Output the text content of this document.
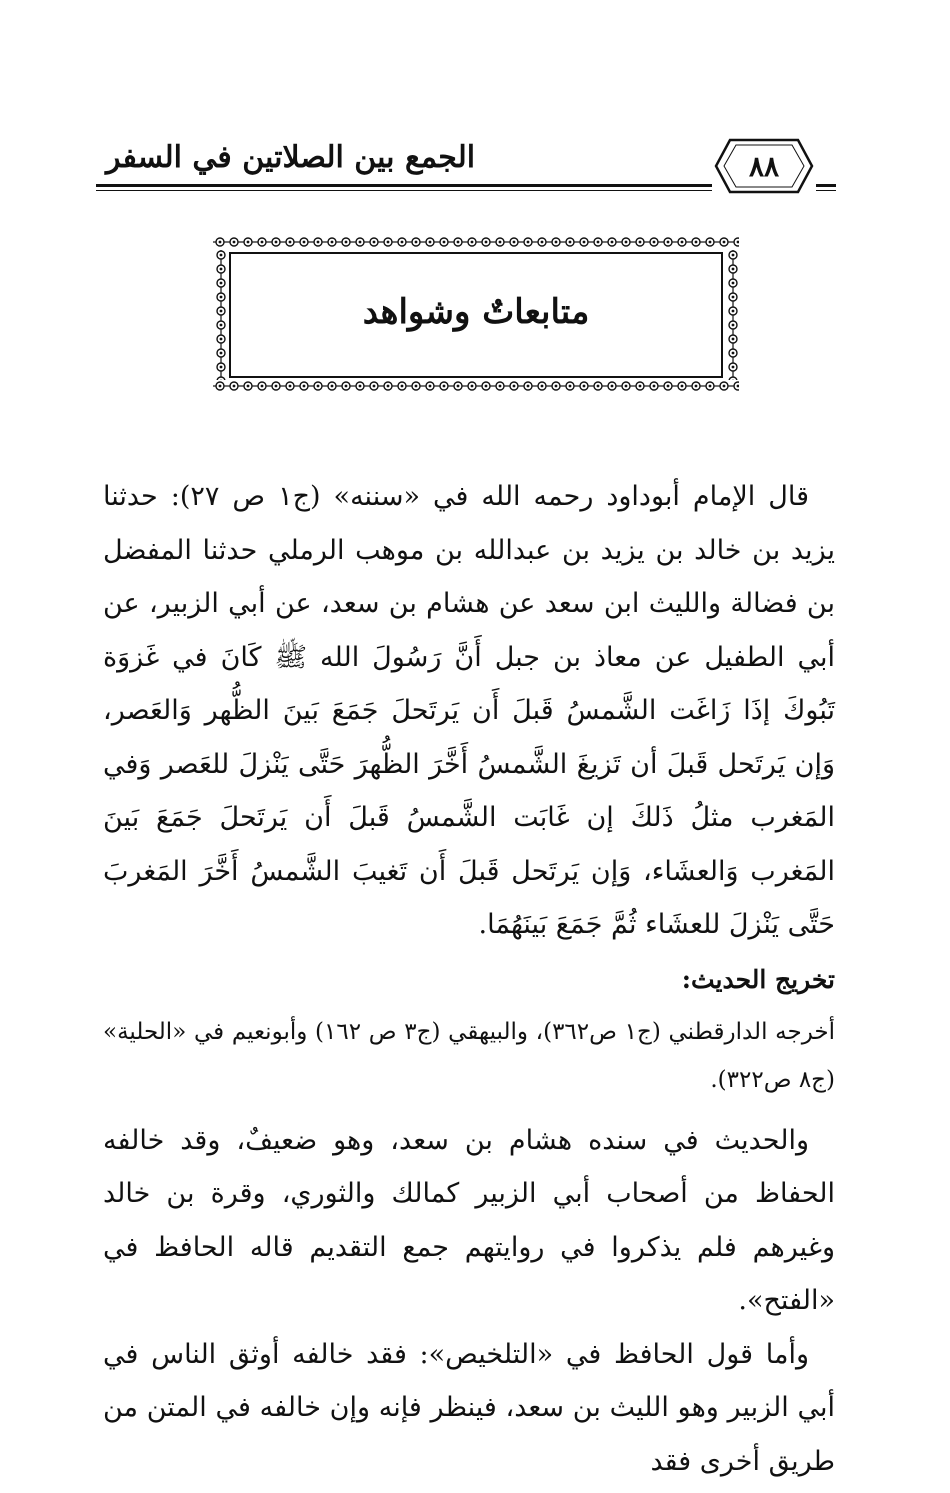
الجمع بين الصلاتين في السفر	٨٨
متابعاتٌ وشواهد

قال الإمام أبوداود رحمه الله في «سننه» (ج١ ص ٢٧): حدثنا يزيد بن خالد بن يزيد بن عبدالله بن موهب الرملي حدثنا المفضل بن فضالة والليث ابن سعد عن هشام بن سعد، عن أبي الزبير، عن أبي الطفيل عن معاذ بن جبل أَنَّ رَسُولَ الله ﷺ كَانَ في غَزوَة تَبُوكَ إذَا زَاغَت الشَّمسُ قَبلَ أَن يَرتَحلَ جَمَعَ بَينَ الظُّهر وَالعَصر، وَإن يَرتَحل قَبلَ أن تَزيغَ الشَّمسُ أَخَّرَ الظُّهرَ حَتَّى يَنْزلَ للعَصر وَفي المَغرب مثلُ ذَلكَ إن غَابَت الشَّمسُ قَبلَ أَن يَرتَحلَ جَمَعَ بَينَ المَغرب وَالعشَاء، وَإن يَرتَحل قَبلَ أَن تَغيبَ الشَّمسُ أَخَّرَ المَغربَ حَتَّى يَنْزلَ للعشَاء ثُمَّ جَمَعَ بَينَهُمَا.

تخريج الحديث:

أخرجه الدارقطني (ج١ ص٣٦٢)، والبيهقي (ج٣ ص ١٦٢) وأبونعيم في «الحلية» (ج٨ ص٣٢٢).

والحديث في سنده هشام بن سعد، وهو ضعيفٌ، وقد خالفه الحفاظ من أصحاب أبي الزبير كمالك والثوري، وقرة بن خالد وغيرهم فلم يذكروا في روايتهم جمع التقديم قاله الحافظ في «الفتح».

وأما قول الحافظ في «التلخيص»: فقد خالفه أوثق الناس في أبي الزبير وهو الليث بن سعد، فينظر فإنه وإن خالفه في المتن من طريق أخرى فقد
